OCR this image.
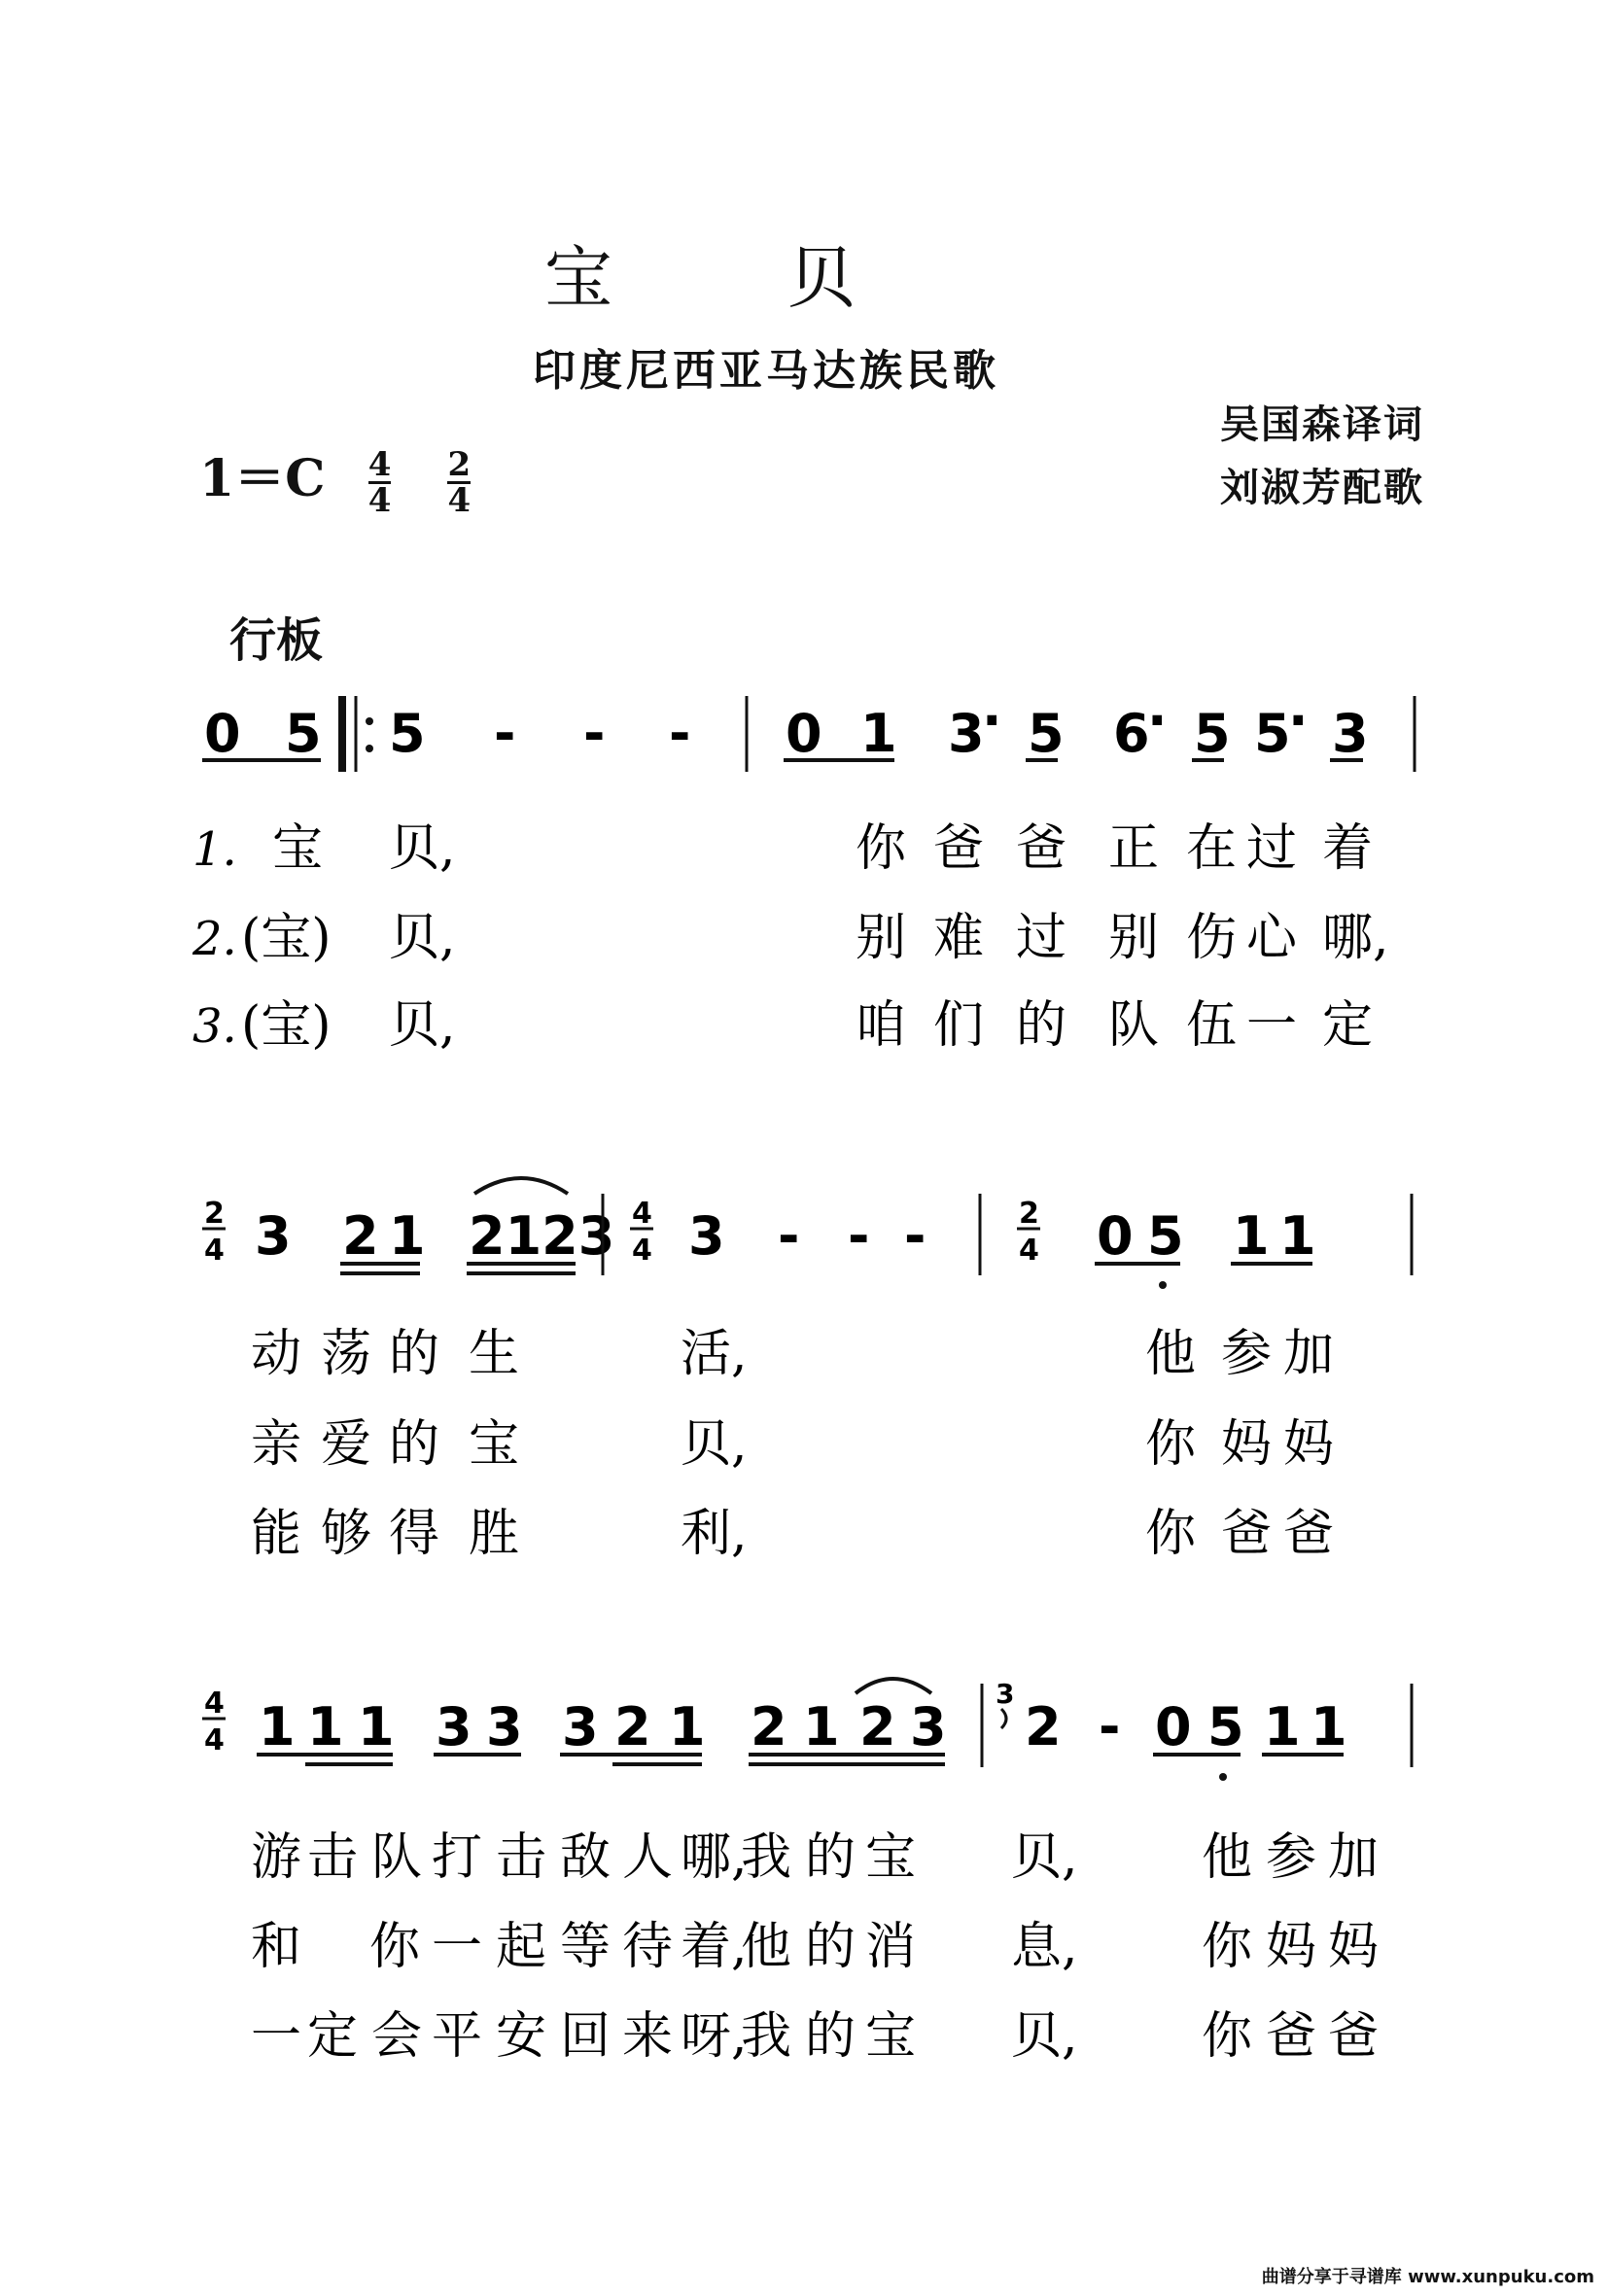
宝贝
印度尼西亚马达族民歌
吴国森译词
刘淑芳配歌
$1=C \frac{4}{4}$
$\frac{2}{4}$
行板
0 5 5 - - - 0 1 3
· 5 6
· 5 5
· 3
1. 宝 贝,	你 爸 爸 正 在 过 着
2. (宝) 贝,	别 难 过 别 伤 心 哪,
3. (宝) 贝,	咱 们 的 队 伍 一 定
2
4 3 2 1 2123 4
4 3 - - -	2
4 0 5 1 1
动 荡 的 生	活,	他 参 加
亲 爱 的 宝	贝,	你 妈 妈
能 够 得 胜	利,	你 爸 爸
4
4 1 1 1 3 3 3 2 1 2 1 2 3
3
2 - 0 5 1 1
游 击 队 打 击 敌 人 哪,
我 的 宝 贝, 他 参 加
和 你 一 起 等 待 着,
他 的 消 息, 你 妈 妈
一 定 会 平 安 回 来 呀,
我 的 宝 贝, 你 爸 爸
曲谱分享于寻谱库 www.xunpuku.com
